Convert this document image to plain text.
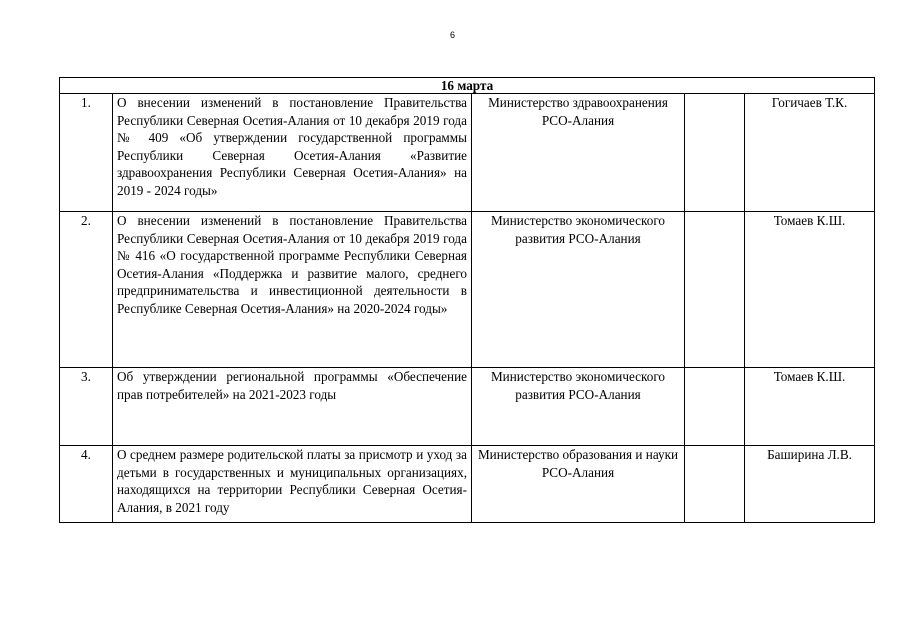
6
16 марта				
1.	О внесении изменений в постановление Правительства Республики Северная Осетия-Алания от 10 декабря 2019 года № 409 «Об утверждении государственной программы Республики Северная Осетия-Алания «Развитие здравоохранения Республики Северная Осетия-Алания» на 2019 - 2024 годы»	Министерство здравоохранения РСО-Алания		Гогичаев Т.К.
2.	О внесении изменений в постановление Правительства Республики Северная Осетия-Алания от 10 декабря 2019 года № 416 «О государственной программе Республики Северная Осетия-Алания «Поддержка и развитие малого, среднего предпринимательства и инвестиционной деятельности в Республике Северная Осетия-Алания» на 2020-2024 годы»	Министерство экономического развития РСО-Алания		Томаев К.Ш.
3.	Об утверждении региональной программы «Обеспечение прав потребителей» на 2021-2023 годы	Министерство экономического развития РСО-Алания		Томаев К.Ш.
4.	О среднем размере родительской платы за присмотр и уход за детьми в государственных и муниципальных организациях, находящихся на территории Республики Северная Осетия-Алания, в 2021 году	Министерство образования и науки РСО-Алания		Баширина Л.В.
